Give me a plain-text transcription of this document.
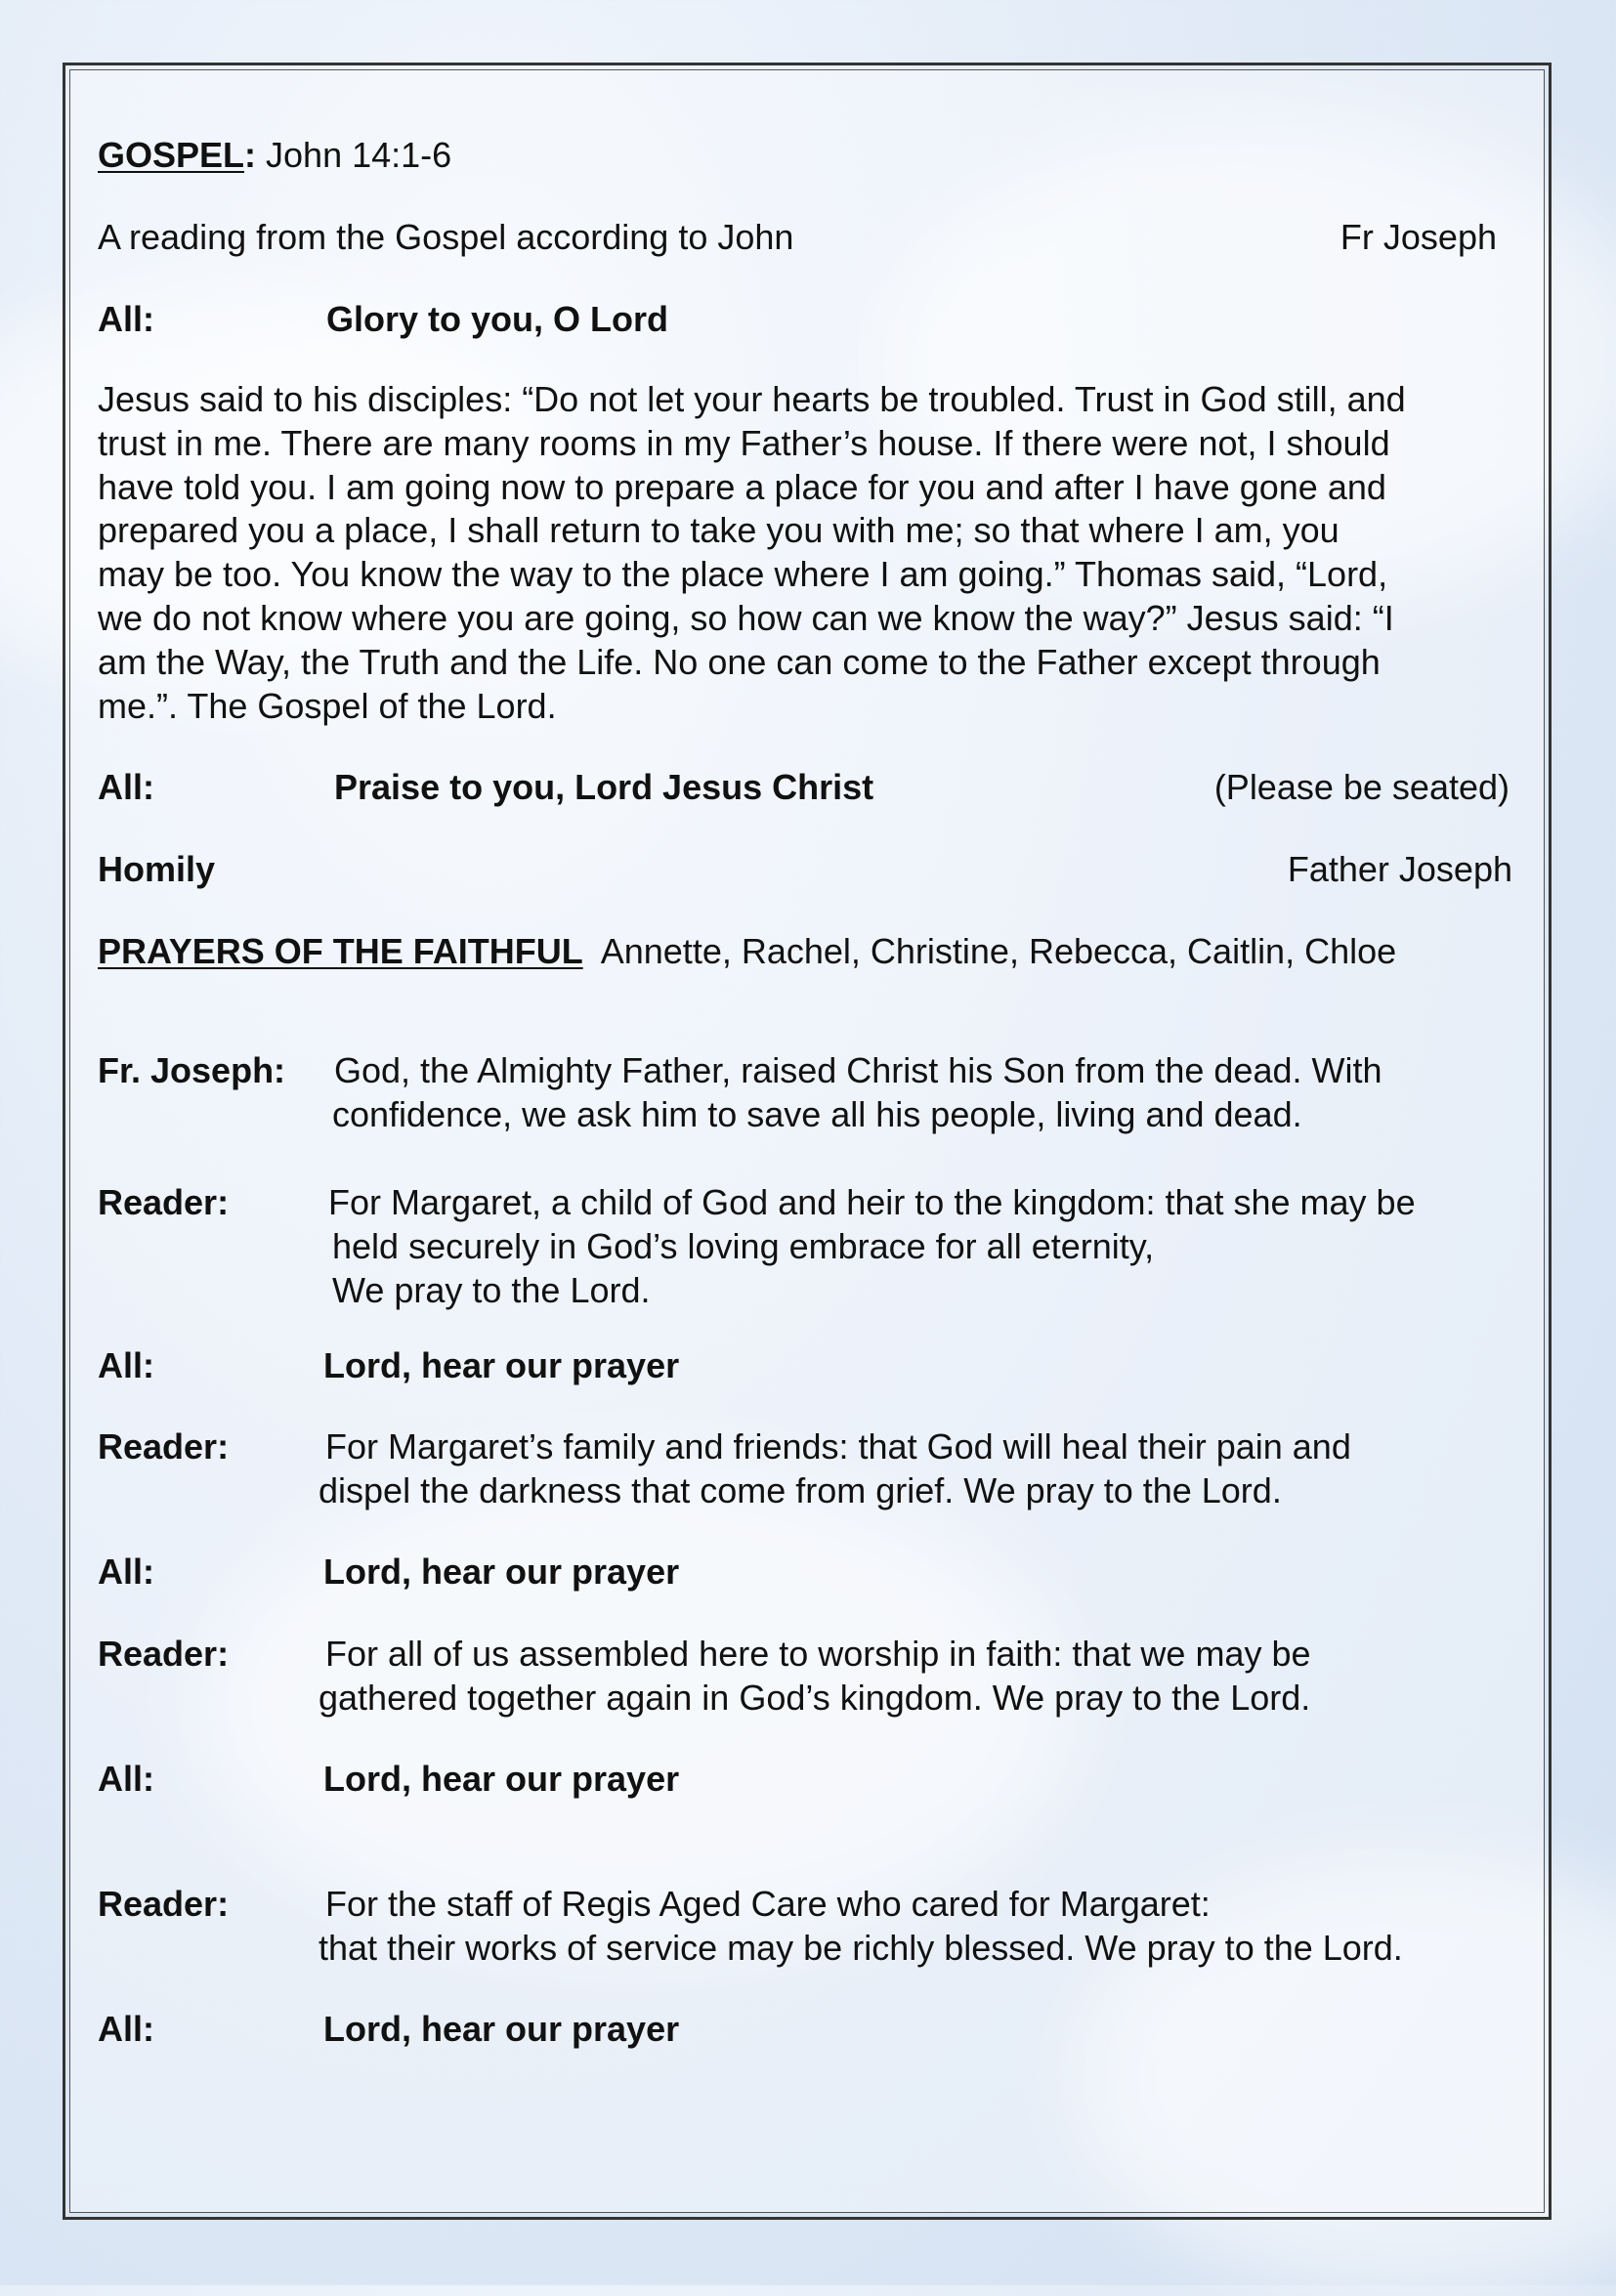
GOSPEL: John 14:1-6
A reading from the Gospel according to John	Fr Joseph
All:	Glory to you, O Lord
Jesus said to his disciples: “Do not let your hearts be troubled. Trust in God still, and
trust in me. There are many rooms in my Father’s house. If there were not, I should
have told you. I am going now to prepare a place for you and after I have gone and
prepared you a place, I shall return to take you with me; so that where I am, you
may be too. You know the way to the place where I am going.” Thomas said, “Lord,
we do not know where you are going, so how can we know the way?” Jesus said: “I
am the Way, the Truth and the Life. No one can come to the Father except through
me.”. The Gospel of the Lord.
All:	Praise to you, Lord Jesus Christ	(Please be seated)
Homily	Father Joseph
PRAYERS OF THE FAITHFUL Annette, Rachel, Christine, Rebecca, Caitlin, Chloe
Fr. Joseph: God, the Almighty Father, raised Christ his Son from the dead. With
confidence, we ask him to save all his people, living and dead.
Reader:	For Margaret, a child of God and heir to the kingdom: that she may be
held securely in God’s loving embrace for all eternity,
We pray to the Lord.
All:	Lord, hear our prayer
Reader:	For Margaret’s family and friends: that God will heal their pain and
dispel the darkness that come from grief. We pray to the Lord.
All:	Lord, hear our prayer
Reader:	For all of us assembled here to worship in faith: that we may be
gathered together again in God’s kingdom. We pray to the Lord.
All:	Lord, hear our prayer
Reader:	For the staff of Regis Aged Care who cared for Margaret:
that their works of service may be richly blessed. We pray to the Lord.
All:	Lord, hear our prayer
